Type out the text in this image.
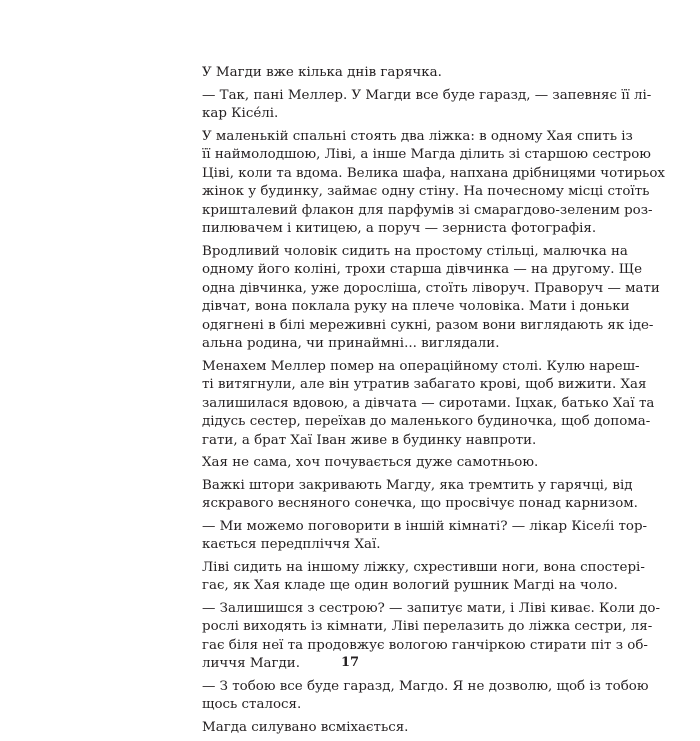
У Магди вже кілька днів гарячка.
— Так, пані Меллер. У Магди все буде гаразд, — запевняє її лі-
кар Кісе́лі.
У маленькій спальні стоять два ліжка: в одному Хая спить із
її наймолодшою, Ліві, а інше Магда ділить зі старшою сестрою
Ціві, коли та вдома. Велика шафа, напхана дрібницями чотирьох
жінок у будинку, займає одну стіну. На почесному місці стоїть
кришталевий флакон для парфумів зі смарагдово-зеленим роз-
пилювачем і китицею, а поруч — зерниста фотографія.
Вродливий чоловік сидить на простому стільці, малючка на
одному його коліні, трохи старша дівчинка — на другому. Ще
одна дівчинка, уже доросліша, стоїть ліворуч. Праворуч — мати
дівчат, вона поклала руку на плече чоловіка. Мати і доньки
одягнені в білі мереживні сукні, разом вони виглядають як іде-
альна родина, чи принаймні... виглядали.
Менахем Меллер помер на операційному столі. Кулю нареш-
ті витягнули, але він утратив забагато крові, щоб вижити. Хая
залишилася вдовою, а дівчата — сиротами. Іцхак, батько Хаї та
дідусь сестер, переїхав до маленького будиночка, щоб допома-
гати, а брат Хаї Іван живе в будинку навпроти.
Хая не сама, хоч почувається дуже самотньою.
Важкі штори закривають Магду, яка тремтить у гарячці, від
яскравого весняного сонечка, що просвічує понад карнизом.
— Ми можемо поговорити в іншій кімнаті? — лікар Кісел́і тор-
кається передпліччя Хаї.
Ліві сидить на іншому ліжку, схрестивши ноги, вона спостері-
гає, як Хая кладе ще один вологий рушник Магді на чоло.
— Залишишся з сестрою? — запитує мати, і Ліві киває. Коли до-
рослі виходять із кімнати, Ліві перелазить до ліжка сестри, ля-
гає біля неї та продовжує вологою ганчіркою стирати піт з об-
личчя Магди.
— З тобою все буде гаразд, Магдо. Я не дозволю, щоб із тобою
щось сталося.
Магда силувано всміхається.
17
